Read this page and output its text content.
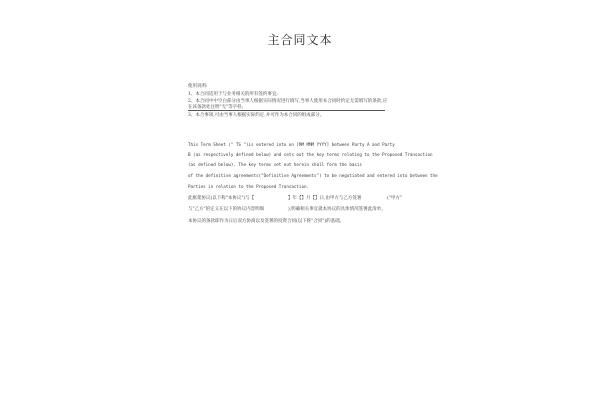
主合同文本
使用说明:
1、本合同适用于与业务相关的所有签约事宜;
2、本合同中中空白部分由当事人根据实际情况进行填写,当事人使用本合同时约定无需填写的条款,应
在该条款处注明"无"等字样;
3、本合事项,可由当事人根据实际约定,并可作为本合同的组成部分。
This Term Sheet (" TS ")is entered into on [MM MMM YYYY] between Party A and Party
B (as respectively defined below) and sets out the key terms relating to the Proposed Transaction
(as defined below). The key terms set out herein shall form the basis
of the definitive agreements("Definitive Agreements") to be negotiated and entered into between the
Parties in relation to the Proposed Transaction.
此框架协议(以下称"本协议")与【	】年【】月【】日,由甲方与乙方签署	("甲方"
与"乙方"的定义在以下的协议内容明细	),明确相关事宜就本协议的具体情况签署此清单。
本协议的条款即作为日后双方协商以及签署的投资合同(以下称"合同")的基础。
